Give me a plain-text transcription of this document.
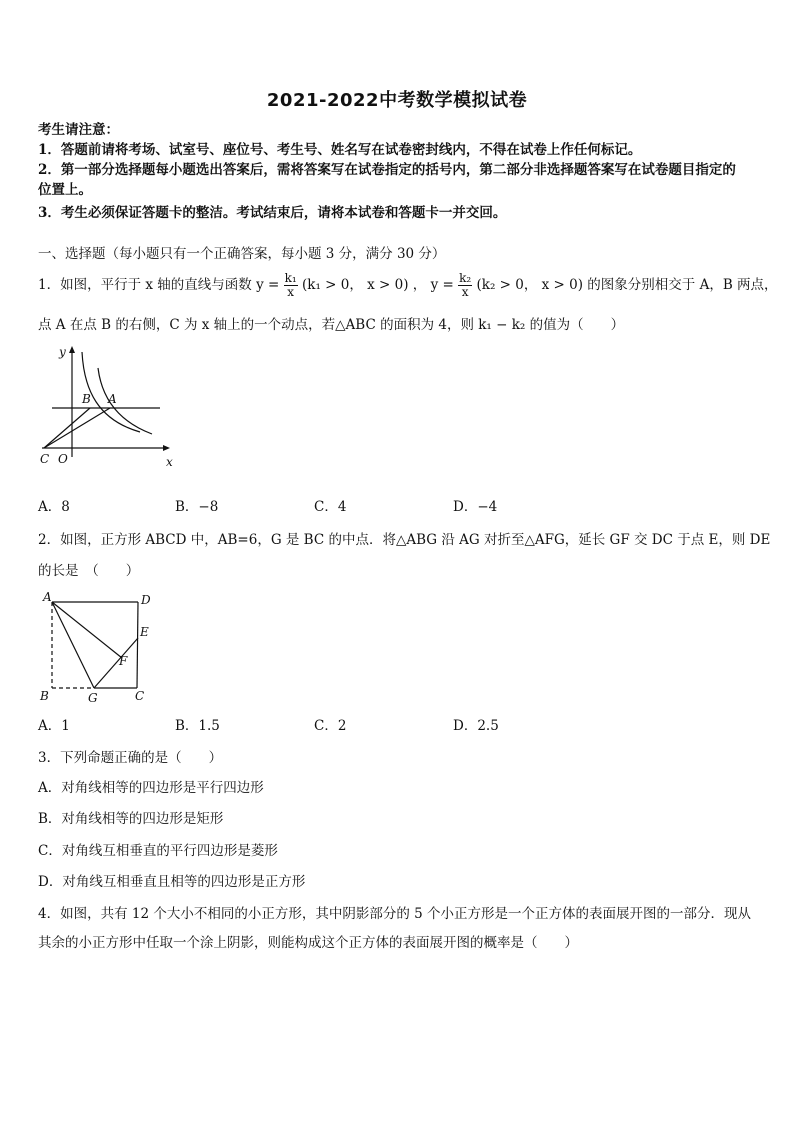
2021-2022中考数学模拟试卷
考生请注意：
1．答题前请将考场、试室号、座位号、考生号、姓名写在试卷密封线内，不得在试卷上作任何标记。
2．第一部分选择题每小题选出答案后，需将答案写在试卷指定的括号内，第二部分非选择题答案写在试卷题目指定的
位置上。
3．考生必须保证答题卡的整洁。考试结束后，请将本试卷和答题卡一并交回。
一、选择题（每小题只有一个正确答案，每小题 3 分，满分 30 分）
1．如图，平行于 x 轴的直线与函数 $y = \frac{\text{k₁}}{x} (k_1 > 0$， x > 0) ， $y = \frac{\text{k₂}}{x} (k_2 > 0$， x > 0) 的图象分别相交于 A，B 两点，
点 A 在点 B 的右侧，C 为 x 轴上的一个动点，若△ABC 的面积为 4，则 k₁ − k₂ 的值为（　　）
y
x
B A
C O
A．8	B．−8	C．4	D．−4
2．如图，正方形 ABCD 中，AB=6，G 是 BC 的中点．将△ABG 沿 AG 对折至△AFG，延长 GF 交 DC 于点 E，则 DE
的长是　（　　）
A	D
E
F
B	G	C
A．1	B．1.5	C．2	D．2.5
3．下列命题正确的是（　　）
A．对角线相等的四边形是平行四边形
B．对角线相等的四边形是矩形
C．对角线互相垂直的平行四边形是菱形
D．对角线互相垂直且相等的四边形是正方形
4．如图，共有 12 个大小不相同的小正方形，其中阴影部分的 5 个小正方形是一个正方体的表面展开图的一部分．现从
其余的小正方形中任取一个涂上阴影，则能构成这个正方体的表面展开图的概率是（　　）
